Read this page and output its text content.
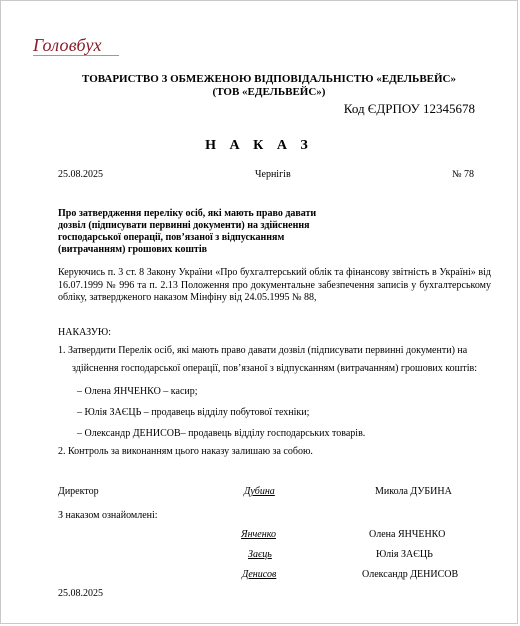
Головбух
ТОВАРИСТВО З ОБМЕЖЕНОЮ ВІДПОВІДАЛЬНІСТЮ «ЕДЕЛЬВЕЙС»
(ТОВ «ЕДЕЛЬВЕЙС»)
Код ЄДРПОУ 12345678
Н А К А З
25.08.2025	Чернігів	№ 78
Про затвердження переліку осіб, які мають право давати дозвіл (підписувати первинні документи) на здійснення господарської операції, пов’язаної з відпусканням (витрачанням) грошових коштів
Керуючись п. 3 ст. 8 Закону України «Про бухгалтерський облік та фінансову звітність в Україні» від 16.07.1999 № 996 та п. 2.13 Положення про документальне забезпечення записів у бухгалтерському обліку, затвердженого наказом Мінфіну від 24.05.1995 № 88,
НАКАЗУЮ:
1. Затвердити Перелік осіб, які мають право давати дозвіл (підписувати первинні документи) на
здійснення господарської операції, пов’язаної з відпусканням (витрачанням) грошових коштів:
– Олена ЯНЧЕНКО – касир;
– Юлія ЗАЄЦЬ – продавець відділу побутової техніки;
– Олександр ДЕНИСОВ– продавець відділу господарських товарів.
2. Контроль за виконанням цього наказу залишаю за собою.
Директор	Дубина	Микола ДУБИНА
З наказом ознайомлені:
Янченко	Олена ЯНЧЕНКО
Заєць	Юлія ЗАЄЦЬ
Денисов	Олександр ДЕНИСОВ
25.08.2025
